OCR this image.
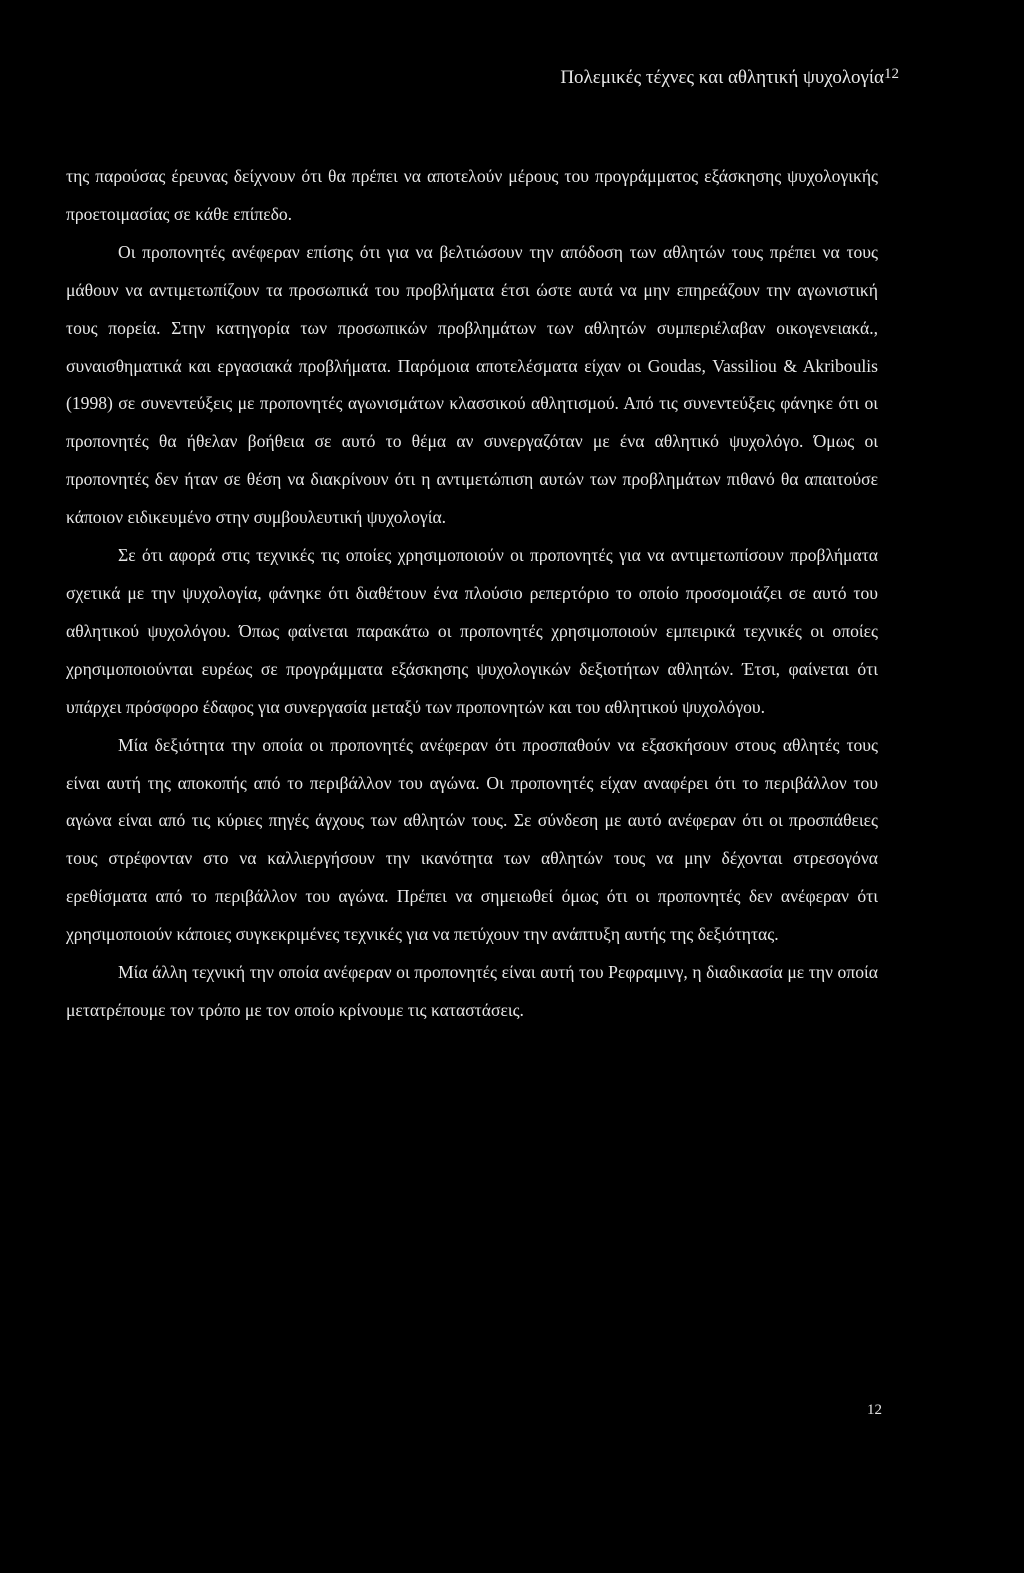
Πολεμικές τέχνες και αθλητική ψυχολογία$^{12}$

της παρούσας έρευνας δείχνουν ότι θα πρέπει να αποτελούν μέρους του προγράμματος εξάσκησης ψυχολογικής προετοιμασίας σε κάθε επίπεδο.

Οι προπονητές ανέφεραν επίσης ότι για να βελτιώσουν την απόδοση των αθλητών τους πρέπει να τους μάθουν να αντιμετωπίζουν τα προσωπικά του προβλήματα έτσι ώστε αυτά να μην επηρεάζουν την αγωνιστική τους πορεία. Στην κατηγορία των προσωπικών προβλημάτων των αθλητών συμπεριέλαβαν οικογενειακά., συναισθηματικά και εργασιακά προβλήματα. Παρόμοια αποτελέσματα είχαν οι Goudas, Vassiliou & Akribοulis (1998) σε συνεντεύξεις με προπονητές αγωνισμάτων κλασσικού αθλητισμού. Από τις συνεντεύξεις φάνηκε ότι οι προπονητές θα ήθελαν βοήθεια σε αυτό το θέμα αν συνεργαζόταν με ένα αθλητικό ψυχολόγο. Όμως οι προπονητές δεν ήταν σε θέση να διακρίνουν ότι η αντιμετώπιση αυτών των προβλημάτων πιθανό θα απαιτούσε κάποιον ειδικευμένο στην συμβουλευτική ψυχολογία.

Σε ότι αφορά στις τεχνικές τις οποίες χρησιμοποιούν οι προπονητές για να αντιμετωπίσουν προβλήματα σχετικά με την ψυχολογία, φάνηκε ότι διαθέτουν ένα πλούσιο ρεπερτόριο το οποίο προσομοιάζει σε αυτό του αθλητικού ψυχολόγου. Όπως φαίνεται παρακάτω οι προπονητές χρησιμοποιούν εμπειρικά τεχνικές οι οποίες χρησιμοποιούνται ευρέως σε προγράμματα εξάσκησης ψυχολογικών δεξιοτήτων αθλητών. Έτσι, φαίνεται ότι υπάρχει πρόσφορο έδαφος για συνεργασία μεταξύ των προπονητών και του αθλητικού ψυχολόγου.

Μία δεξιότητα την οποία οι προπονητές ανέφεραν ότι προσπαθούν να εξασκήσουν στους αθλητές τους είναι αυτή της αποκοπής από το περιβάλλον του αγώνα. Οι προπονητές είχαν αναφέρει ότι το περιβάλλον του αγώνα είναι από τις κύριες πηγές άγχους των αθλητών τους. Σε σύνδεση με αυτό ανέφεραν ότι οι προσπάθειες τους στρέφονταν στο να καλλιεργήσουν την ικανότητα των αθλητών τους να μην δέχονται στρεσογόνα ερεθίσματα από το περιβάλλον του αγώνα. Πρέπει να σημειωθεί όμως ότι οι προπονητές δεν ανέφεραν ότι χρησιμοποιούν κάποιες συγκεκριμένες τεχνικές για να πετύχουν την ανάπτυξη αυτής της δεξιότητας.

Μία άλλη τεχνική την οποία ανέφεραν οι προπονητές είναι αυτή του Ρεφραμινγ, η διαδικασία με την οποία μετατρέπουμε τον τρόπο με τον οποίο κρίνουμε τις καταστάσεις.

12
